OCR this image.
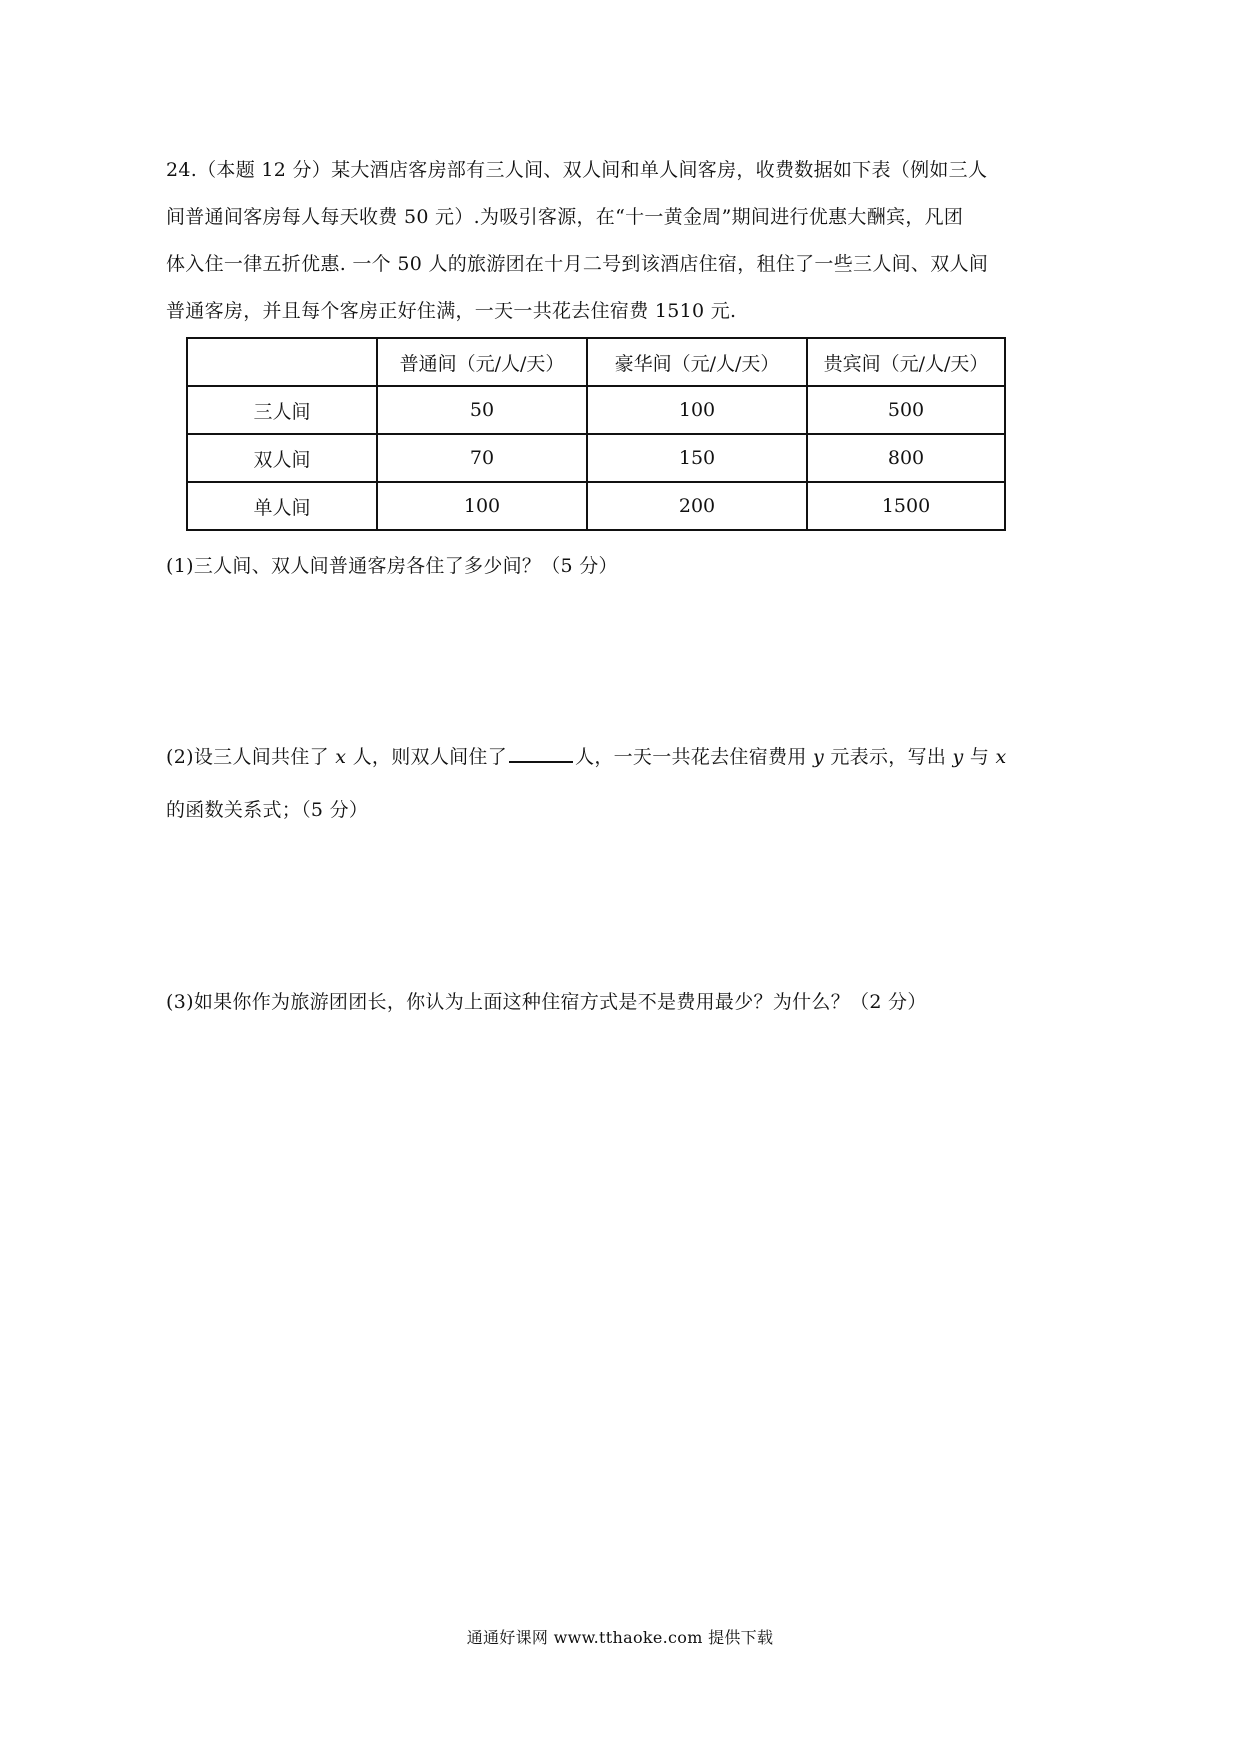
24.（本题 12 分）某大酒店客房部有三人间、双人间和单人间客房，收费数据如下表（例如三人
间普通间客房每人每天收费 50 元）.为吸引客源，在“十一黄金周”期间进行优惠大酬宾，凡团
体入住一律五折优惠. 一个 50 人的旅游团在十月二号到该酒店住宿，租住了一些三人间、双人间
普通客房，并且每个客房正好住满，一天一共花去住宿费 1510 元.
	普通间（元/人/天）	豪华间（元/人/天）	贵宾间（元/人/天）
三人间	50	100	500
双人间	70	150	800
单人间	100	200	1500
(1)三人间、双人间普通客房各住了多少间？（5 分）
(2)设三人间共住了 x 人，则双人间住了	人，一天一共花去住宿费用 y 元表示，写出 y 与 x
的函数关系式；（5 分）
(3)如果你作为旅游团团长，你认为上面这种住宿方式是不是费用最少？为什么？（2 分）
通通好课网 www.tthaoke.com 提供下载
